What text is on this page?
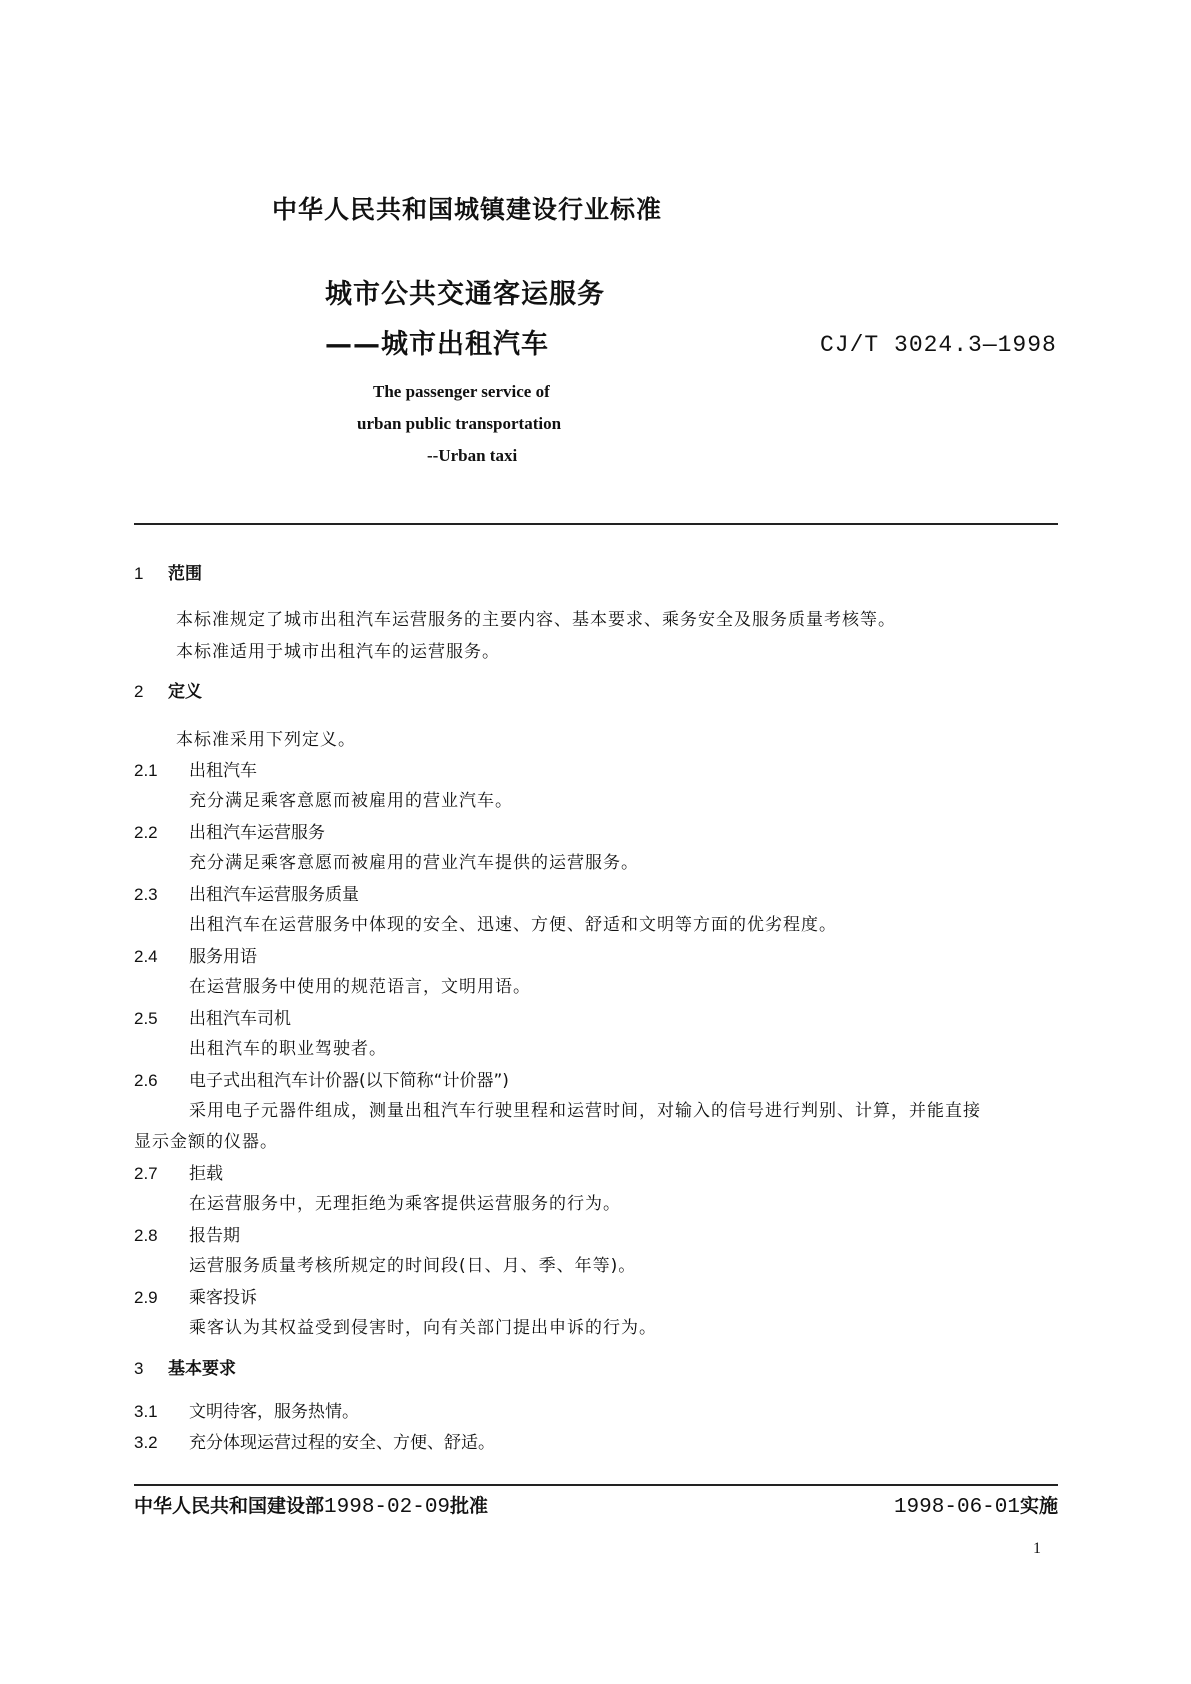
中华人民共和国城镇建设行业标准
城市公共交通客运服务
——城市出租汽车	CJ/T 3024.3—1998
The passenger service of
urban public transportation
--Urban taxi
1 范围
本标准规定了城市出租汽车运营服务的主要内容、基本要求、乘务安全及服务质量考核等。
本标准适用于城市出租汽车的运营服务。
2 定义
本标准采用下列定义。
2.1 出租汽车
充分满足乘客意愿而被雇用的营业汽车。
2.2 出租汽车运营服务
充分满足乘客意愿而被雇用的营业汽车提供的运营服务。
2.3 出租汽车运营服务质量
出租汽车在运营服务中体现的安全、迅速、方便、舒适和文明等方面的优劣程度。
2.4 服务用语
在运营服务中使用的规范语言，文明用语。
2.5 出租汽车司机
出租汽车的职业驾驶者。
2.6 电子式出租汽车计价器(以下简称“计价器”)
采用电子元器件组成，测量出租汽车行驶里程和运营时间，对输入的信号进行判别、计算，并能直接
显示金额的仪器。
2.7 拒载
在运营服务中，无理拒绝为乘客提供运营服务的行为。
2.8 报告期
运营服务质量考核所规定的时间段(日、月、季、年等)。
2.9 乘客投诉
乘客认为其权益受到侵害时，向有关部门提出申诉的行为。
3 基本要求
3.1 文明待客，服务热情。
3.2 充分体现运营过程的安全、方便、舒适。
中华人民共和国建设部1998-02-09批准	1998-06-01实施
1
